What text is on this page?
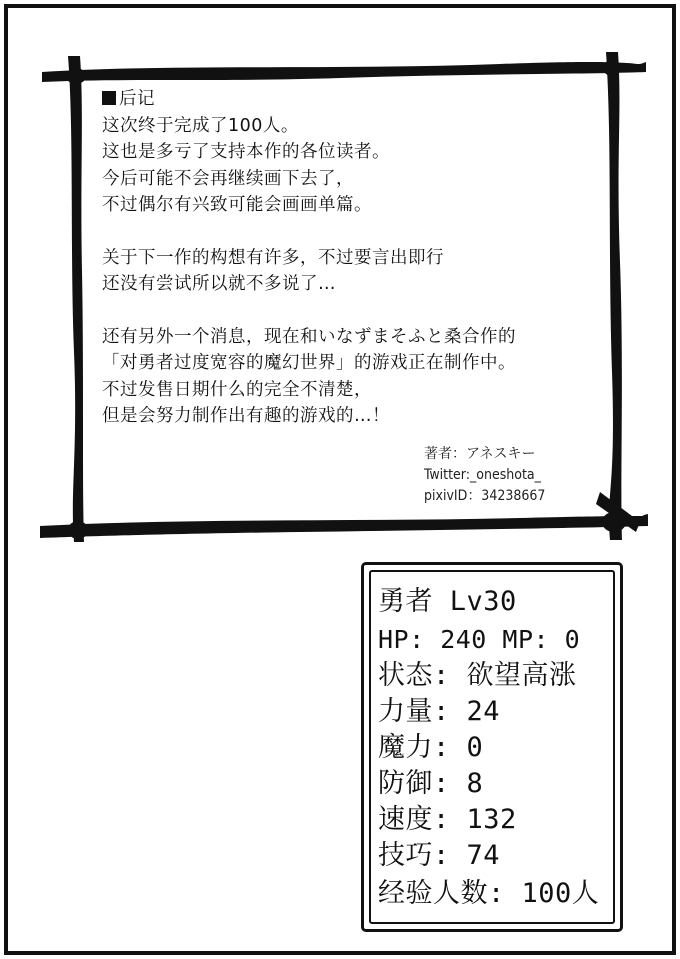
后记
这次终于完成了100人。
这也是多亏了支持本作的各位读者。
今后可能不会再继续画下去了，
不过偶尔有兴致可能会画画单篇。
关于下一作的构想有许多，不过要言出即行
还没有尝试所以就不多说了…
还有另外一个消息，现在和いなずまそふと桑合作的
「对勇者过度宽容的魔幻世界」的游戏正在制作中。
不过发售日期什么的完全不清楚，
但是会努力制作出有趣的游戏的…！
著者：アネスキー
Twitter:_oneshota_
pixivID：34238667
勇者 Lv30
HP: 240 MP: 0
状态: 欲望高涨
力量: 24
魔力: 0
防御: 8
速度: 132
技巧: 74
经验人数: 100人
